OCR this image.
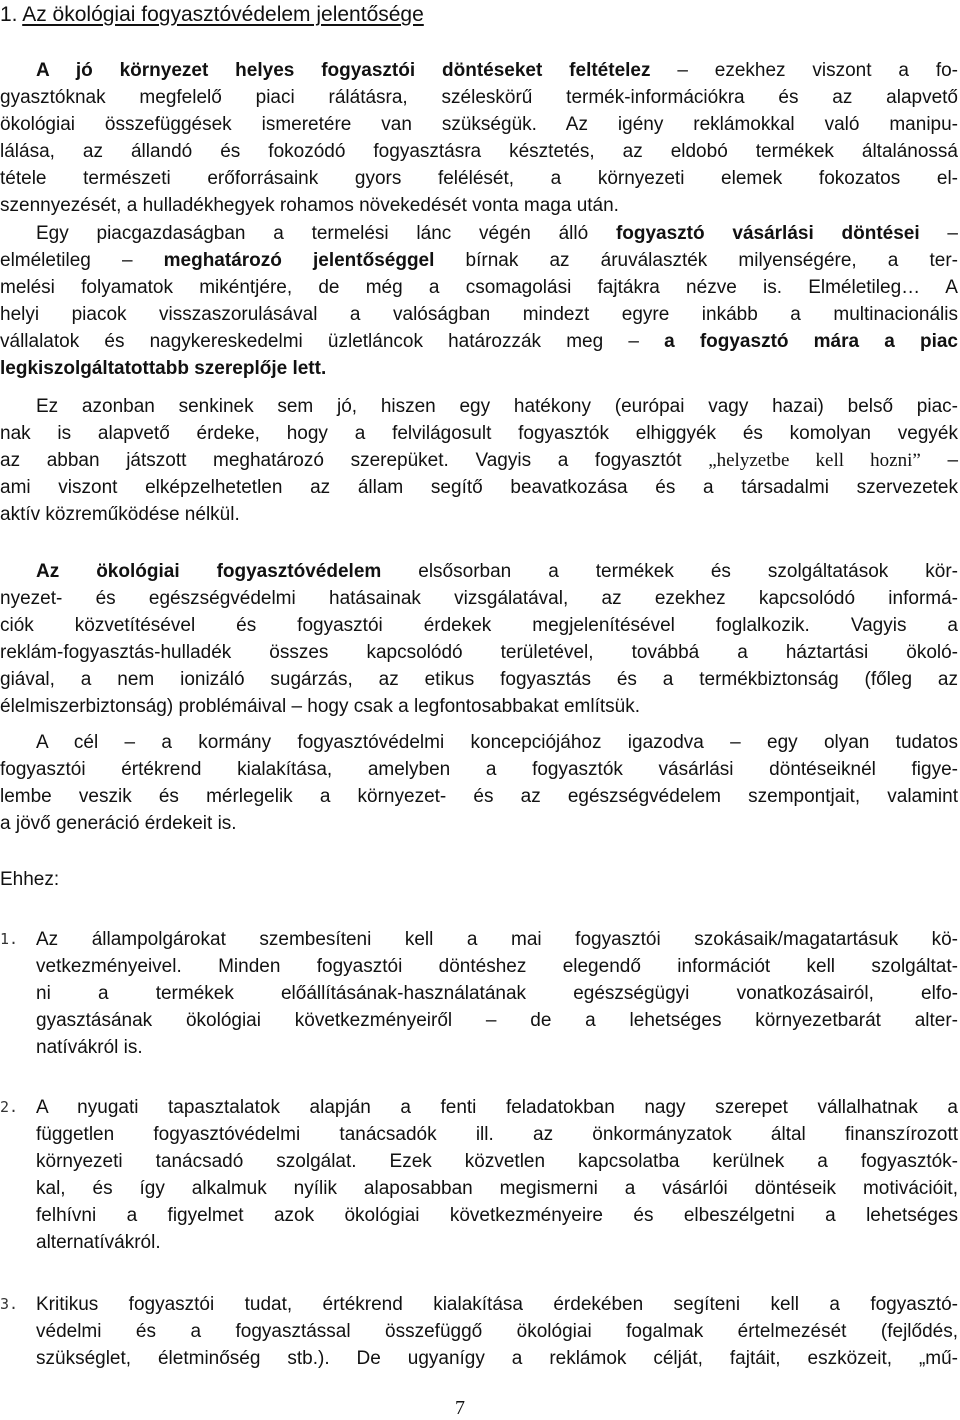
1. Az ökológiai fogyasztóvédelem jelentősége
A jó környezet helyes fogyasztói döntéseket feltételez – ezekhez viszont a fo-
gyasztóknak megfelelő piaci rálátásra, széleskörű termék-információkra és az alapvető
ökológiai összefüggések ismeretére van szükségük. Az igény reklámokkal való manipu-
lálása, az állandó és fokozódó fogyasztásra késztetés, az eldobó termékek általánossá
tétele természeti erőforrásaink gyors felélését, a környezeti elemek fokozatos el-
szennyezését, a hulladékhegyek rohamos növekedését vonta maga után.
Egy piacgazdaságban a termelési lánc végén álló fogyasztó vásárlási döntései –
elméletileg – meghatározó jelentőséggel bírnak az áruválaszték milyenségére, a ter-
melési folyamatok mikéntjére, de még a csomagolási fajtákra nézve is. Elméletileg… A
helyi piacok visszaszorulásával a valóságban mindezt egyre inkább a multinacionális
vállalatok és nagykereskedelmi üzletláncok határozzák meg – a fogyasztó mára a piac
legkiszolgáltatottabb szereplője lett.
Ez azonban senkinek sem jó, hiszen egy hatékony (európai vagy hazai) belső piac-
nak is alapvető érdeke, hogy a felvilágosult fogyasztók elhiggyék és komolyan vegyék
az abban játszott meghatározó szerepüket. Vagyis a fogyasztót „helyzetbe kell hozni” –
ami viszont elképzelhetetlen az állam segítő beavatkozása és a társadalmi szervezetek
aktív közreműködése nélkül.
Az ökológiai fogyasztóvédelem elsősorban a termékek és szolgáltatások kör-
nyezet- és egészségvédelmi hatásainak vizsgálatával, az ezekhez kapcsolódó informá-
ciók közvetítésével és fogyasztói érdekek megjelenítésével foglalkozik. Vagyis a
reklám-fogyasztás-hulladék összes kapcsolódó területével, továbbá a háztartási ökoló-
giával, a nem ionizáló sugárzás, az etikus fogyasztás és a termékbiztonság (főleg az
élelmiszerbiztonság) problémáival – hogy csak a legfontosabbakat említsük.
A cél – a kormány fogyasztóvédelmi koncepciójához igazodva – egy olyan tudatos
fogyasztói értékrend kialakítása, amelyben a fogyasztók vásárlási döntéseiknél figye-
lembe veszik és mérlegelik a környezet- és az egészségvédelem szempontjait, valamint
a jövő generáció érdekeit is.
Ehhez:
1. Az állampolgárokat szembesíteni kell a mai fogyasztói szokásaik/magatartásuk kö-
vetkezményeivel. Minden fogyasztói döntéshez elegendő információt kell szolgáltat-
ni a termékek előállításának-használatának egészségügyi vonatkozásairól, elfo-
gyasztásának ökológiai következményeiről – de a lehetséges környezetbarát alter-
natívákról is.
2. A nyugati tapasztalatok alapján a fenti feladatokban nagy szerepet vállalhatnak a
független fogyasztóvédelmi tanácsadók ill. az önkormányzatok által finanszírozott
környezeti tanácsadó szolgálat. Ezek közvetlen kapcsolatba kerülnek a fogyasztók-
kal, és így alkalmuk nyílik alaposabban megismerni a vásárlói döntéseik motivációit,
felhívni a figyelmet azok ökológiai következményeire és elbeszélgetni a lehetséges
alternatívákról.
3. Kritikus fogyasztói tudat, értékrend kialakítása érdekében segíteni kell a fogyasztó-
védelmi és a fogyasztással összefüggő ökológiai fogalmak értelmezését (fejlődés,
szükséglet, életminőség stb.). De ugyanígy a reklámok célját, fajtáit, eszközeit, „mű-

7
